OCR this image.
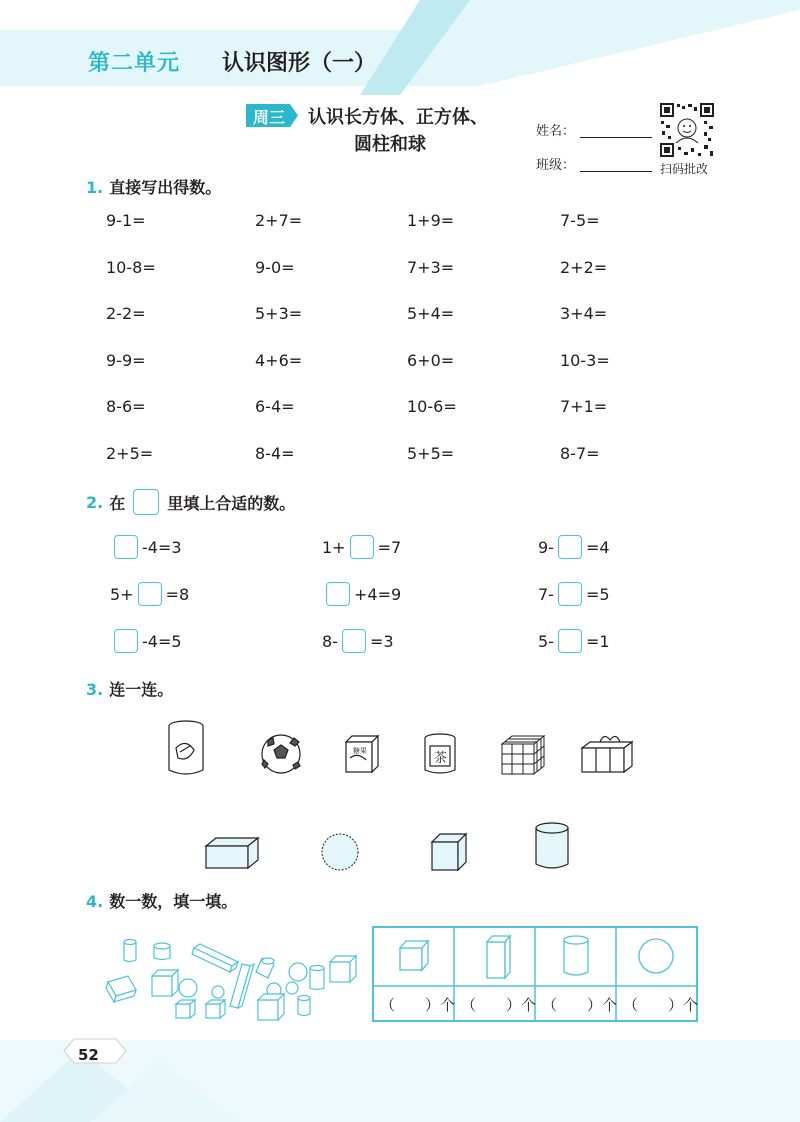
第二单元 认识图形（一）
周三 认识长方体、正方体、
圆柱和球
姓名：
班级：	扫码批改
1. 直接写出得数。
9-1=	2+7=	1+9=	7-5=
10-8=	9-0=	7+3=	2+2=
2-2=	5+3=	5+4=	3+4=
9-9=	4+6=	6+0=	10-3=
8-6=	6-4=	10-6=	7+1=
2+5=	8-4=	5+5=	8-7=
2. 在	里填上合适的数。
-4=3	1+ =7	9- =4
5+ =8	+4=9	7- =5
-4=5	8- =3	5- =1
3. 连一连。
糖果	茶
4. 数一数，填一填。
（　　）个 （　　）个 （　　）个 （　　）个
52
